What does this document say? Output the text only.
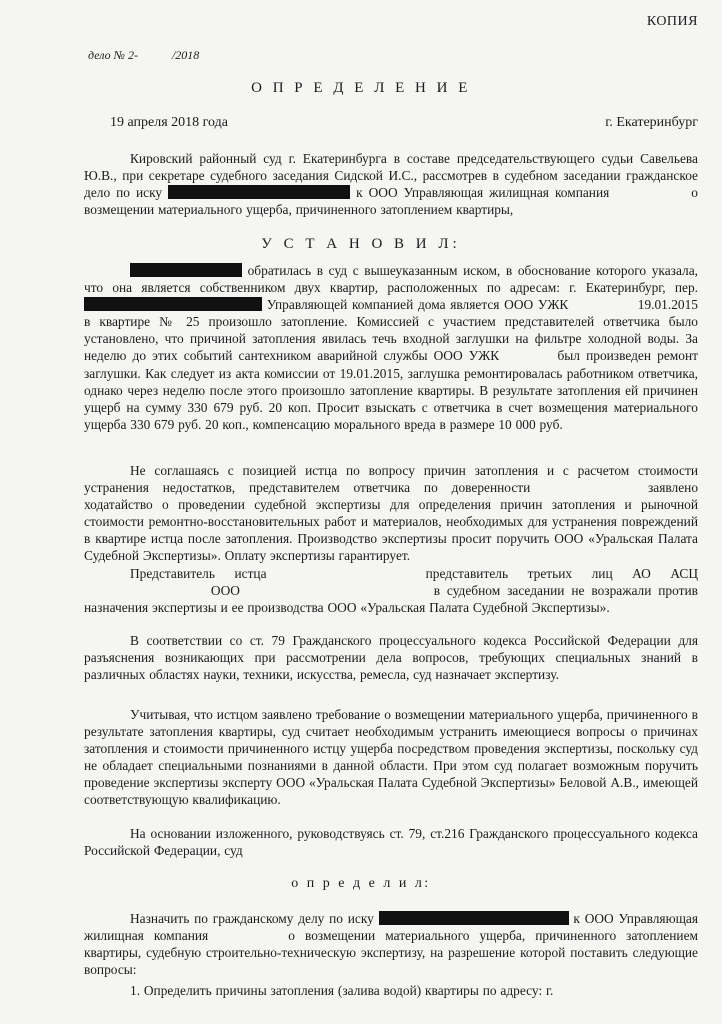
КОПИЯ
дело № 2-	/2018
О П Р Е Д Е Л Е Н И Е
19 апреля 2018 года	г. Екатеринбург
Кировский районный суд г. Екатеринбурга в составе председательствующего судьи Савельева Ю.В., при секретаре судебного заседания Сидской И.С., рассмотрев в судебном заседании гражданское дело по иску	к ООО Управляющая жилищная компания	о возмещении материального ущерба, причиненного затоплением квартиры,
У С Т А Н О В И Л:
обратилась в суд с вышеуказанным иском, в обоснование которого указала, что она является собственником двух квартир, расположенных по адресам: г. Екатеринбург, пер.  Управляющей компанией дома является ООО УЖК	19.01.2015 в квартире № 25 произошло затопление. Комиссией с участием представителей ответчика было установлено, что причиной затопления явилась течь входной заглушки на фильтре холодной воды. За неделю до этих событий сантехником аварийной службы ООО УЖК	был произведен ремонт заглушки. Как следует из акта комиссии от 19.01.2015, заглушка ремонтировалась работником ответчика, однако через неделю после этого произошло затопление квартиры. В результате затопления ей причинен ущерб на сумму 330 679 руб. 20 коп. Просит взыскать с ответчика в счет возмещения материального ущерба 330 679 руб. 20 коп., компенсацию морального вреда в размере 10 000 руб.
Не соглашаясь с позицией истца по вопросу причин затопления и с расчетом стоимости устранения недостатков, представителем ответчика по доверенности	заявлено ходатайство о проведении судебной экспертизы для определения причин затопления и рыночной стоимости ремонтно-восстановительных работ и материалов, необходимых для устранения повреждений в квартире истца после затопления. Производство экспертизы просит поручить ООО «Уральская Палата Судебной Экспертизы». Оплату экспертизы гарантирует.
Представитель истца	представитель третьих лиц АО АСЦ  ООО	в судебном заседании не возражали против назначения экспертизы и ее производства ООО «Уральская Палата Судебной Экспертизы».
В соответствии со ст. 79 Гражданского процессуального кодекса Российской Федерации для разъяснения возникающих при рассмотрении дела вопросов, требующих специальных знаний в различных областях науки, техники, искусства, ремесла, суд назначает экспертизу.
Учитывая, что истцом заявлено требование о возмещении материального ущерба, причиненного в результате затопления квартиры, суд считает необходимым устранить имеющиеся вопросы о причинах затопления и стоимости причиненного истцу ущерба посредством проведения экспертизы, поскольку суд не обладает специальными познаниями в данной области. При этом суд полагает возможным поручить проведение экспертизы эксперту ООО «Уральская Палата Судебной Экспертизы» Беловой А.В., имеющей соответствующую квалификацию.
На основании изложенного, руководствуясь ст. 79, ст.216 Гражданского процессуального кодекса Российской Федерации, суд
о п р е д е л и л:
Назначить по гражданскому делу по иску	к ООО Управляющая жилищная компания	о возмещении материального ущерба, причиненного затоплением квартиры, судебную строительно-техническую экспертизу, на разрешение которой поставить следующие вопросы:
1. Определить причины затопления (залива водой) квартиры по адресу: г.
